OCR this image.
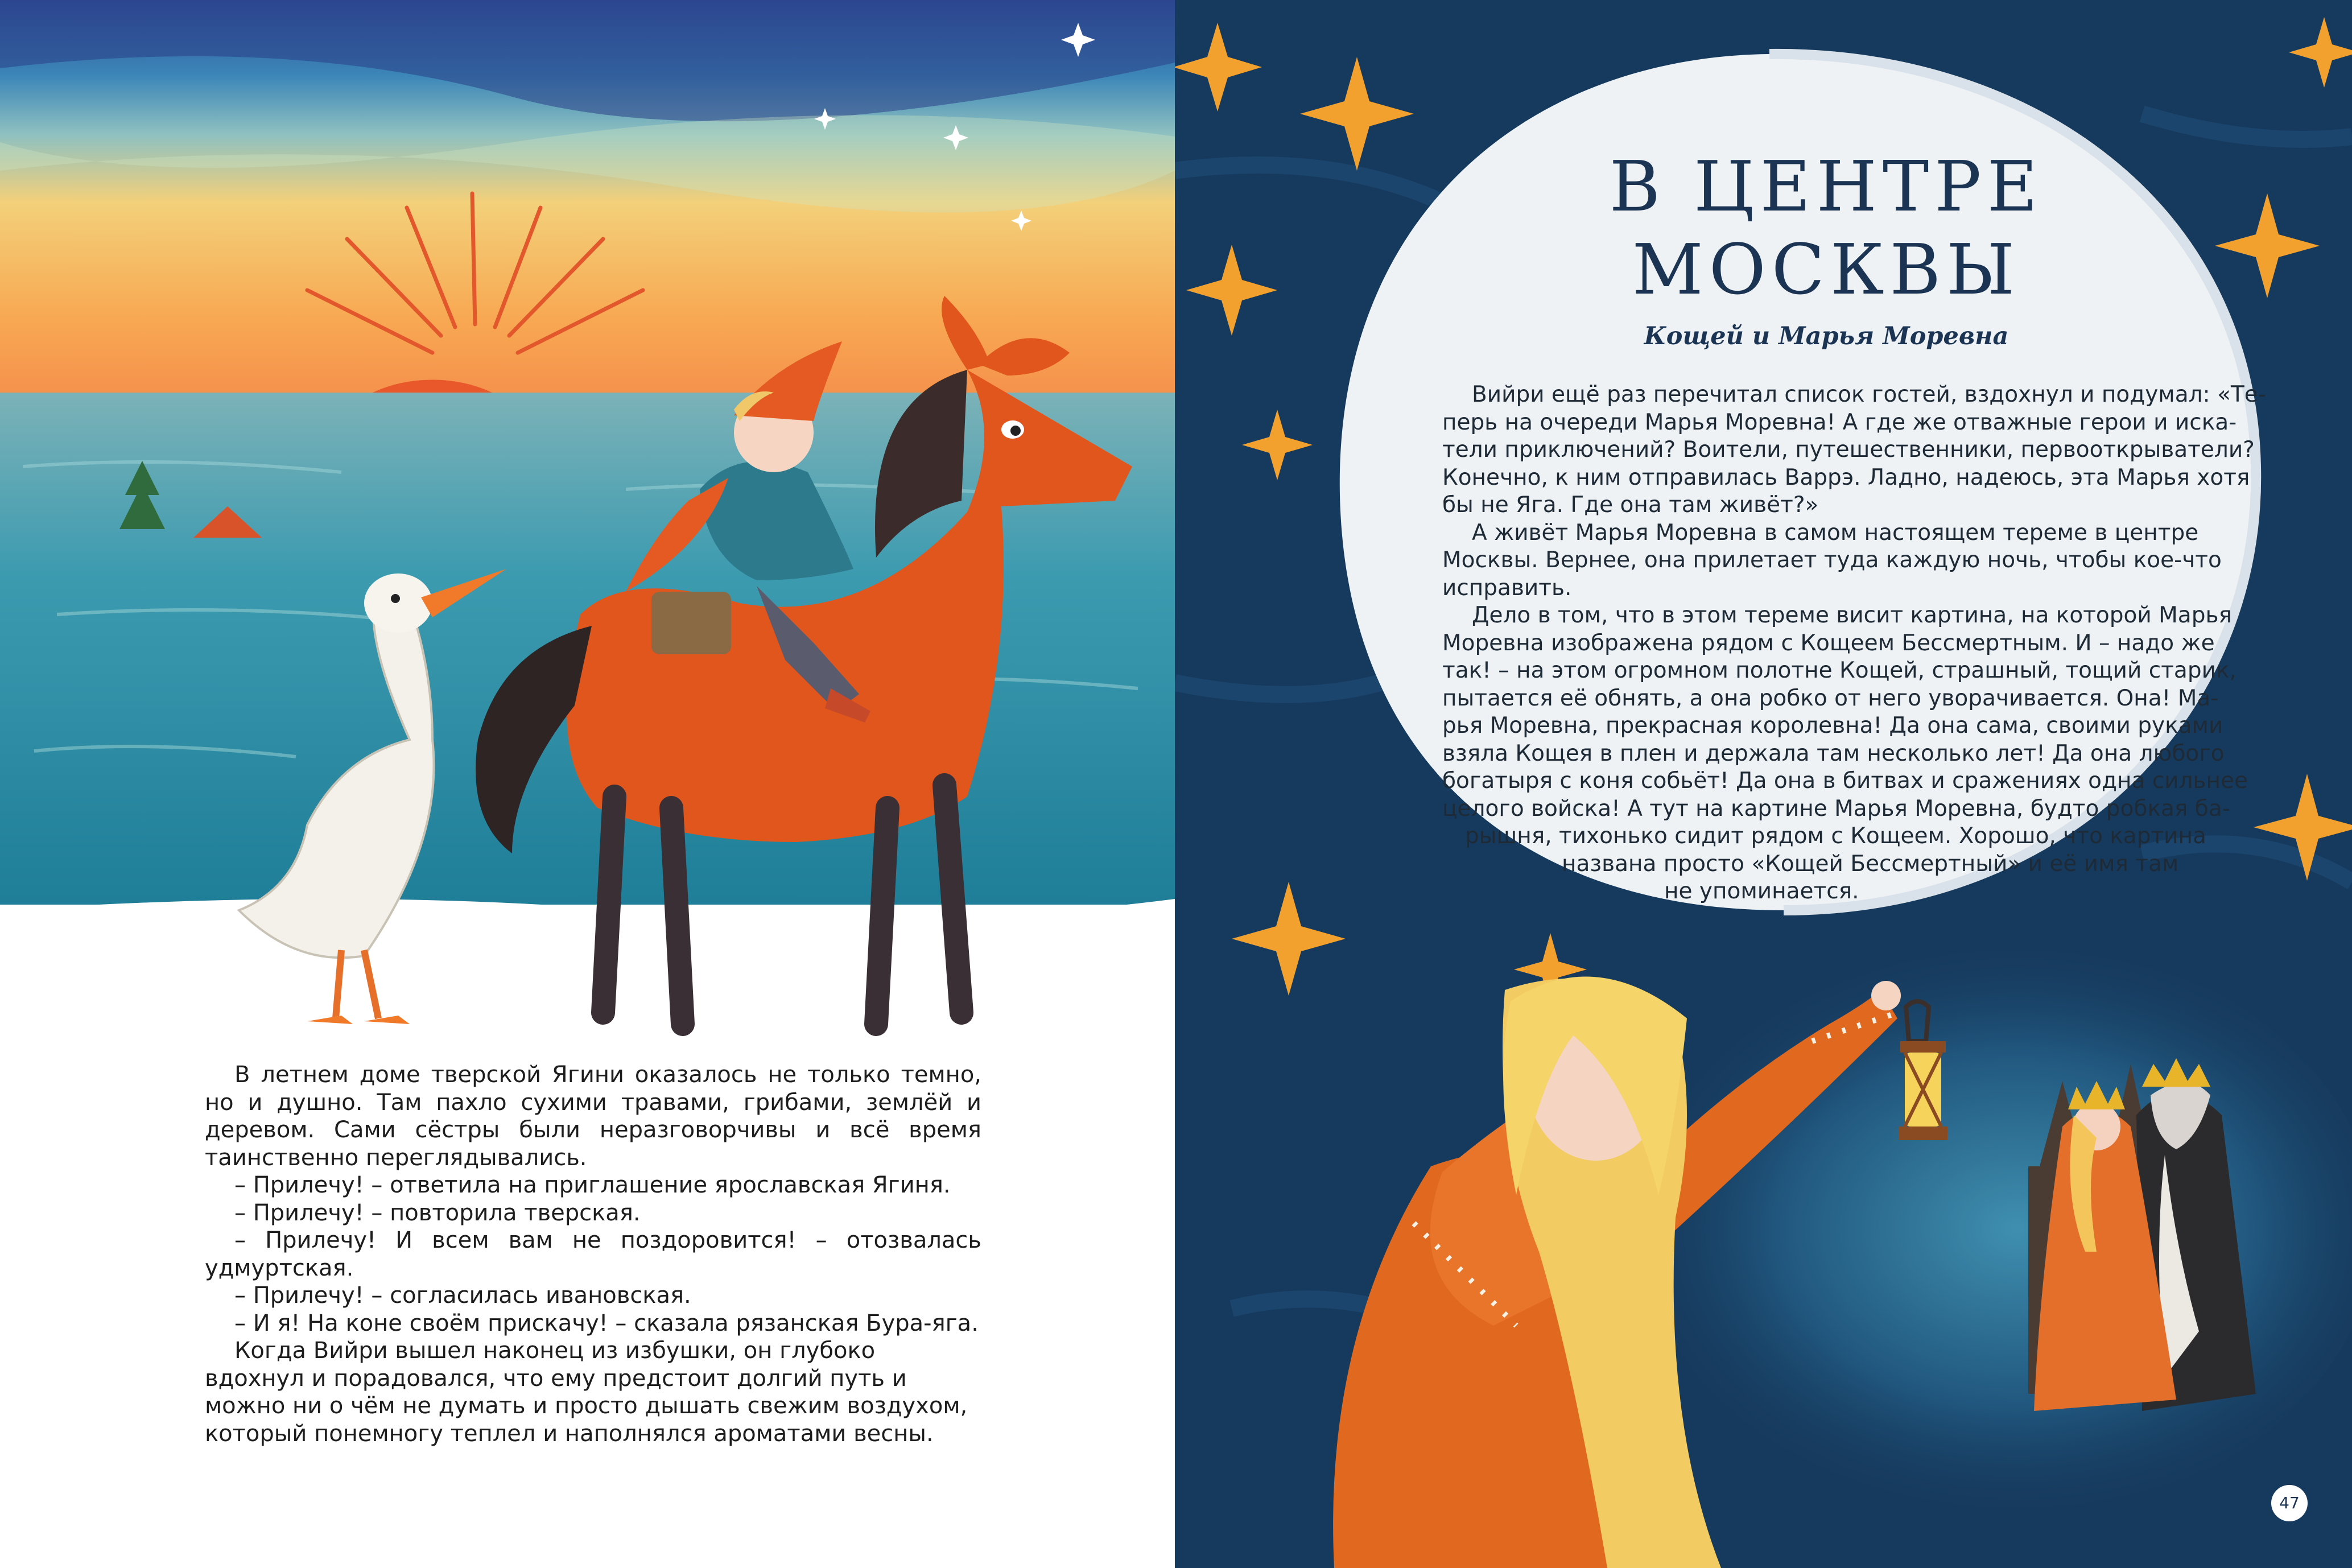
В летнем доме тверской Ягини оказалось не только темно, но и душно. Там пахло сухими травами, грибами, землёй и деревом. Сами сёстры были неразговорчивы и всё время таинственно переглядывались.

– Прилечу! – ответила на приглашение ярославская Ягиня.

– Прилечу! – повторила тверская.

– Прилечу! И всем вам не поздоровится! – отозвалась удмуртская.

– Прилечу! – согласилась ивановская.

– И я! На коне своём прискачу! – сказала рязанская Бура-яга.

Когда Вийри вышел наконец из избушки, он глубоко вдохнул и порадовался, что ему предстоит долгий путь и можно ни о чём не думать и просто дышать свежим воздухом, который понемногу теплел и наполнялся ароматами весны.

В ЦЕНТРЕ
МОСКВЫ

Кощей и Марья Моревна

Вийри ещё раз перечитал список гостей, вздохнул и подумал: «Те-
перь на очереди Марья Моревна! А где же отважные герои и иска-
тели приключений? Воители, путешественники, первооткрыватели?
Конечно, к ним отправилась Варрэ. Ладно, надеюсь, эта Марья хотя
бы не Яга. Где она там живёт?»
А живёт Марья Моревна в самом настоящем тереме в центре
Москвы. Вернее, она прилетает туда каждую ночь, чтобы кое-что
исправить.
Дело в том, что в этом тереме висит картина, на которой Марья
Моревна изображена рядом с Кощеем Бессмертным. И – надо же
так! – на этом огромном полотне Кощей, страшный, тощий старик,
пытается её обнять, а она робко от него уворачивается. Она! Ма-
рья Моревна, прекрасная королевна! Да она сама, своими руками
взяла Кощея в плен и держала там несколько лет! Да она любого
богатыря с коня собьёт! Да она в битвах и сражениях одна сильнее
целого войска! А тут на картине Марья Моревна, будто робкая ба-
рышня, тихонько сидит рядом с Кощеем. Хорошо, что картина
названа просто «Кощей Бессмертный» и её имя там
не упоминается.
47
